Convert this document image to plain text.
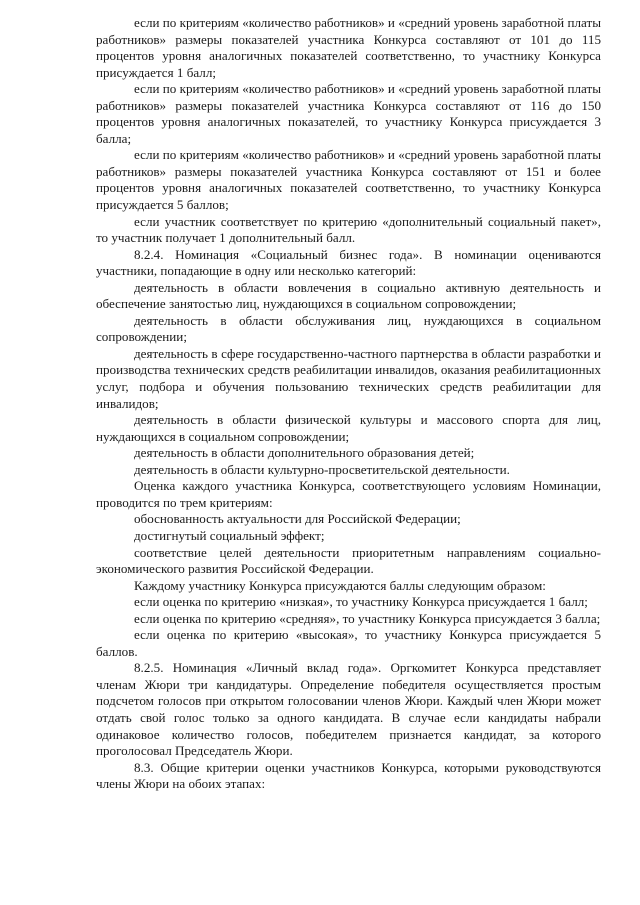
если по критериям «количество работников» и «средний уровень заработной платы работников» размеры показателей участника Конкурса составляют от 101 до 115 процентов уровня аналогичных показателей соответственно, то участнику Конкурса присуждается 1 балл;

если по критериям «количество работников» и «средний уровень заработной платы работников» размеры показателей участника Конкурса составляют от 116 до 150 процентов уровня аналогичных показателей, то участнику Конкурса присуждается 3 балла;

если по критериям «количество работников» и «средний уровень заработной платы работников» размеры показателей участника Конкурса составляют от 151 и более процентов уровня аналогичных показателей соответственно, то участнику Конкурса присуждается 5 баллов;

если участник соответствует по критерию «дополнительный социальный пакет», то участник получает 1 дополнительный балл.

8.2.4. Номинация «Социальный бизнес года». В номинации оцениваются участники, попадающие в одну или несколько категорий:

деятельность в области вовлечения в социально активную деятельность и обеспечение занятостью лиц, нуждающихся в социальном сопровождении;

деятельность в области обслуживания лиц, нуждающихся в социальном сопровождении;

деятельность в сфере государственно-частного партнерства в области разработки и производства технических средств реабилитации инвалидов, оказания реабилитационных услуг, подбора и обучения пользованию технических средств реабилитации для инвалидов;

деятельность в области физической культуры и массового спорта для лиц, нуждающихся в социальном сопровождении;

деятельность в области дополнительного образования детей;

деятельность в области культурно-просветительской деятельности.

Оценка каждого участника Конкурса, соответствующего условиям Номинации, проводится по трем критериям:

обоснованность актуальности для Российской Федерации;

достигнутый социальный эффект;

соответствие целей деятельности приоритетным направлениям социально-экономического развития Российской Федерации.

Каждому участнику Конкурса присуждаются баллы следующим образом:

если оценка по критерию «низкая», то участнику Конкурса присуждается 1 балл;

если оценка по критерию «средняя», то участнику Конкурса присуждается 3 балла;

если оценка по критерию «высокая», то участнику Конкурса присуждается 5 баллов.

8.2.5. Номинация «Личный вклад года». Оргкомитет Конкурса представляет членам Жюри три кандидатуры. Определение победителя осуществляется простым подсчетом голосов при открытом голосовании членов Жюри. Каждый член Жюри может отдать свой голос только за одного кандидата. В случае если кандидаты набрали одинаковое количество голосов, победителем признается кандидат, за которого проголосовал Председатель Жюри.

8.3. Общие критерии оценки участников Конкурса, которыми руководствуются члены Жюри на обоих этапах:
